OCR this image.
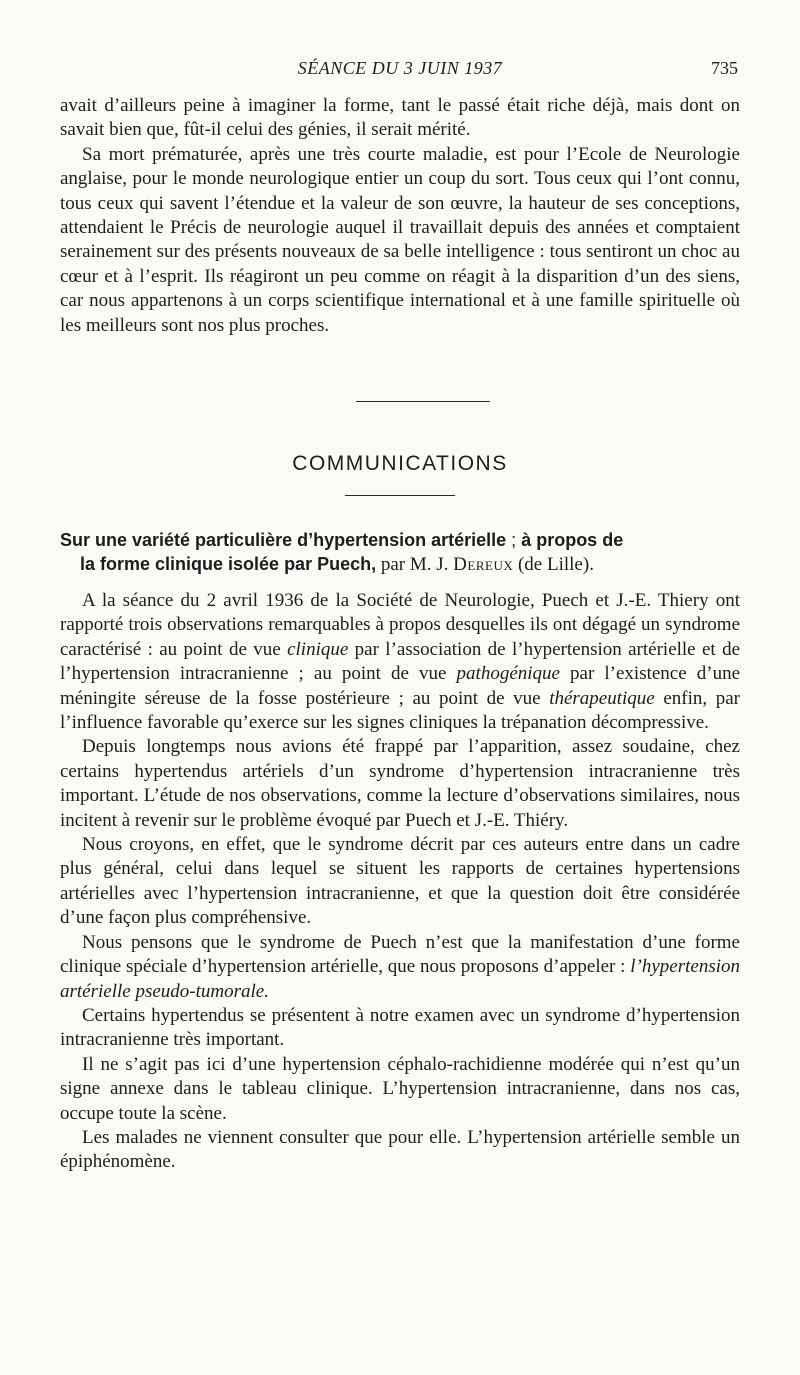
SÉANCE DU 3 JUIN 1937	735

avait d’ailleurs peine à imaginer la forme, tant le passé était riche déjà, mais dont on savait bien que, fût-il celui des génies, il serait mérité.

Sa mort prématurée, après une très courte maladie, est pour l’Ecole de Neurologie anglaise, pour le monde neurologique entier un coup du sort. Tous ceux qui l’ont connu, tous ceux qui savent l’étendue et la valeur de son œuvre, la hauteur de ses conceptions, attendaient le Précis de neurologie auquel il travaillait depuis des années et comptaient serainement sur des présents nouveaux de sa belle intelligence : tous sentiront un choc au cœur et à l’esprit. Ils réagiront un peu comme on réagit à la disparition d’un des siens, car nous appartenons à un corps scientifique international et à une famille spirituelle où les meilleurs sont nos plus proches.

COMMUNICATIONS
Sur une variété particulière d’hypertension artérielle ; à propos de
la forme clinique isolée par Puech, par M. J. Dereux (de Lille).

A la séance du 2 avril 1936 de la Société de Neurologie, Puech et J.-E. Thiery ont rapporté trois observations remarquables à propos desquelles ils ont dégagé un syndrome caractérisé : au point de vue clinique par l’association de l’hypertension artérielle et de l’hypertension intracranienne ; au point de vue pathogénique par l’existence d’une méningite séreuse de la fosse postérieure ; au point de vue thérapeutique enfin, par l’influence favorable qu’exerce sur les signes cliniques la trépanation décompressive.

Depuis longtemps nous avions été frappé par l’apparition, assez soudaine, chez certains hypertendus artériels d’un syndrome d’hypertension intracranienne très important. L’étude de nos observations, comme la lecture d’observations similaires, nous incitent à revenir sur le problème évoqué par Puech et J.-E. Thiéry.

Nous croyons, en effet, que le syndrome décrit par ces auteurs entre dans un cadre plus général, celui dans lequel se situent les rapports de certaines hypertensions artérielles avec l’hypertension intracranienne, et que la question doit être considérée d’une façon plus compréhensive.

Nous pensons que le syndrome de Puech n’est que la manifestation d’une forme clinique spéciale d’hypertension artérielle, que nous proposons d’appeler : l’hypertension artérielle pseudo-tumorale.

Certains hypertendus se présentent à notre examen avec un syndrome d’hypertension intracranienne très important.

Il ne s’agit pas ici d’une hypertension céphalo-rachidienne modérée qui n’est qu’un signe annexe dans le tableau clinique. L’hypertension intracranienne, dans nos cas, occupe toute la scène.

Les malades ne viennent consulter que pour elle. L’hypertension artérielle semble un épiphénomène.
